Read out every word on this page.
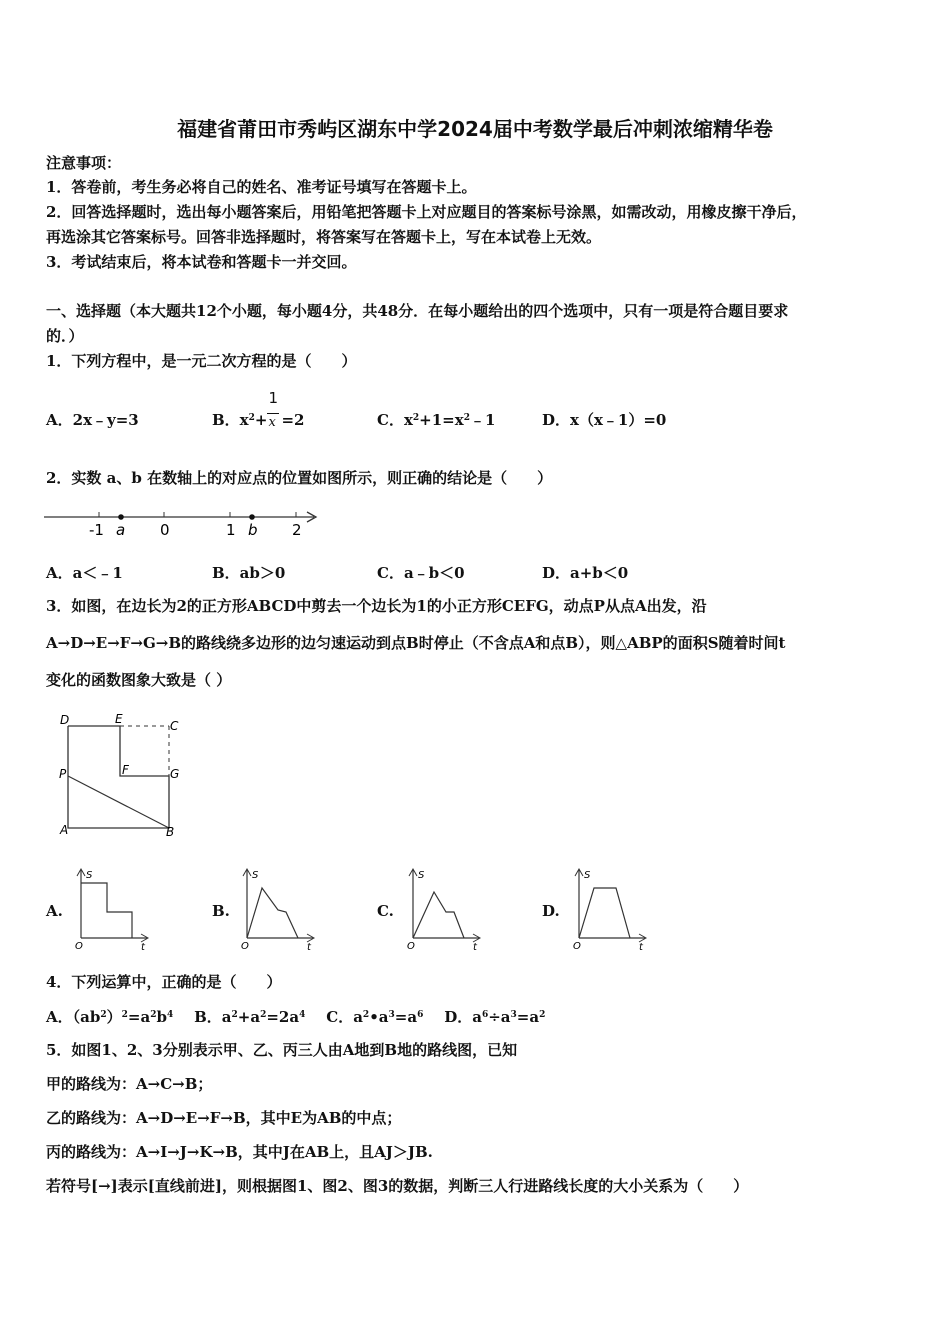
福建省莆田市秀屿区湖东中学2024届中考数学最后冲刺浓缩精华卷
注意事项：
1．答卷前，考生务必将自己的姓名、准考证号填写在答题卡上。
2．回答选择题时，选出每小题答案后，用铅笔把答题卡上对应题目的答案标号涂黑，如需改动，用橡皮擦干净后，
再选涂其它答案标号。回答非选择题时，将答案写在答题卡上，写在本试卷上无效。
3．考试结束后，将本试卷和答题卡一并交回。
一、选择题（本大题共12个小题，每小题4分，共48分．在每小题给出的四个选项中，只有一项是符合题目要求
的．）
1．下列方程中，是一元二次方程的是（　　）
A．2x﹣y=3	B．$x^2+ \frac{1}{x} =2$	C．$x^2+1=x^2﹣1$	D．x（x﹣1）=0
2．实数 a、b 在数轴上的对应点的位置如图所示，则正确的结论是（　　）
-1	0	1	2
a	b
A．a＜﹣1	B．ab＞0	C．a﹣b＜0	D．a+b＜0
3．如图，在边长为2的正方形ABCD中剪去一个边长为1的小正方形CEFG，动点P从点A出发，沿
A→D→E→F→G→B的路线绕多边形的边匀速运动到点B时停止（不含点A和点B），则△ABP的面积S随着时间t
变化的函数图象大致是（ ）
D	E	C
P	F	G
A	B
A.
S
t
O
B.
S
t
O
C.
S
t
O
D.
S
t
O
4．下列运算中，正确的是（　　）
A．$(ab^2)^2=a^2b^4$ B．$a^2+a^2=2a^4$ C．$a^2•a^3=a^6$ D．$a^6\div a^3=a^2$
5．如图1、2、3分别表示甲、乙、丙三人由A地到B地的路线图，已知
甲的路线为：A→C→B；
乙的路线为：A→D→E→F→B，其中E为AB的中点；
丙的路线为：A→I→J→K→B，其中J在AB上，且AJ＞JB.
若符号[→]表示[直线前进]，则根据图1、图2、图3的数据，判断三人行进路线长度的大小关系为（　　）
